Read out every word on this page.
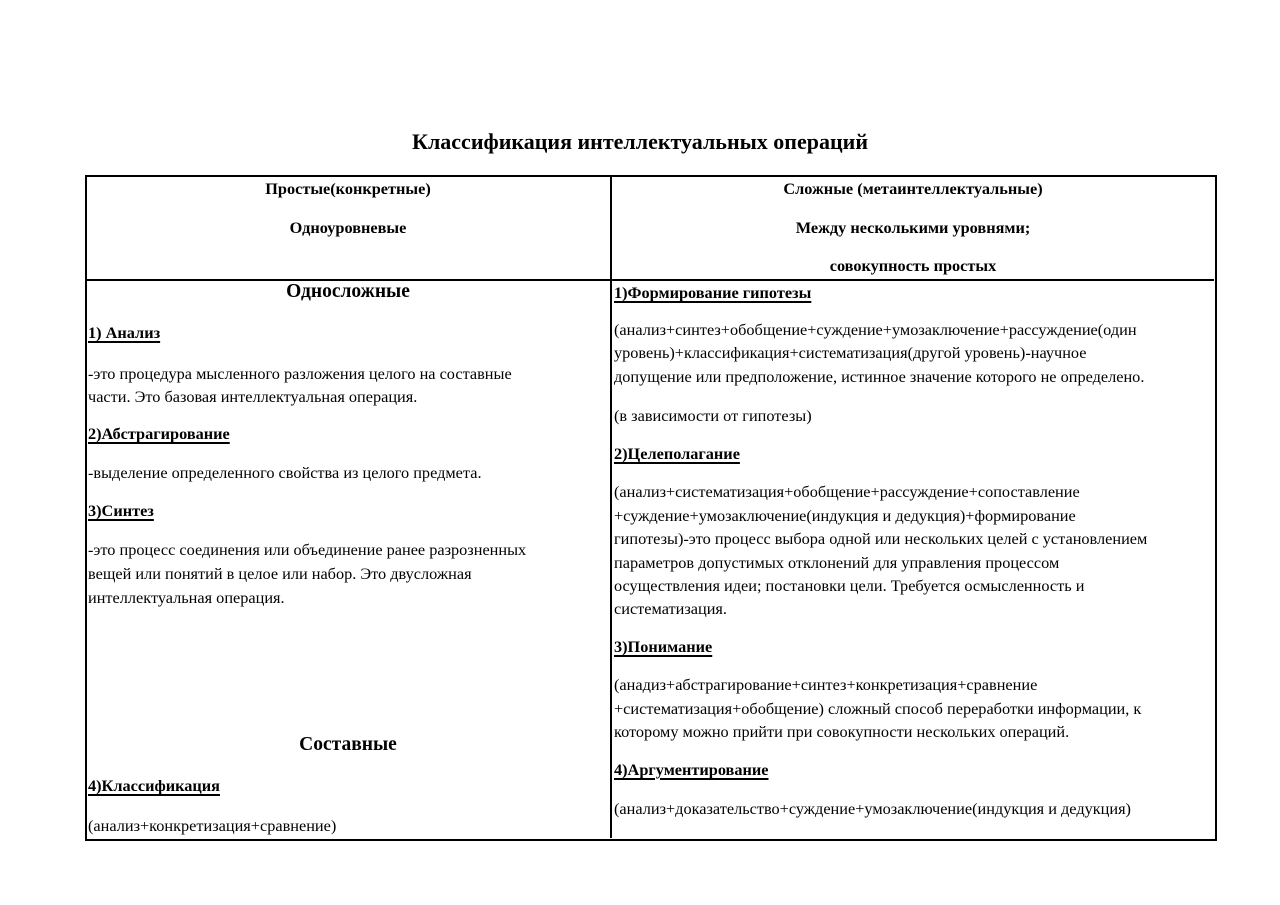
Классификация интеллектуальных операций
Простые(конкретные)
Одноуровневые
Сложные (метаинтеллектуальные)
Между несколькими уровнями;
совокупность простых
Односложные
1) Анализ
-это процедура мысленного разложения целого на составные
части. Это базовая интеллектуальная операция.
2)Абстрагирование
-выделение определенного свойства из целого предмета.
3)Синтез
-это процесс соединения или объединение ранее разрозненных
вещей или понятий в целое или набор. Это двусложная
интеллектуальная операция.
Составные
4)Классификация
(анализ+конкретизация+сравнение)
1)Формирование гипотезы
(анализ+синтез+обобщение+суждение+умозаключение+рассуждение(один
уровень)+классификация+систематизация(другой уровень)-научное
допущение или предположение, истинное значение которого не определено.
(в зависимости от гипотезы)
2)Целеполагание
(анализ+систематизация+обобщение+рассуждение+сопоставление
+суждение+умозаключение(индукция и дедукция)+формирование
гипотезы)-это процесс выбора одной или нескольких целей с установлением
параметров допустимых отклонений для управления процессом
осуществления идеи; постановки цели. Требуется осмысленность и
систематизация.
3)Понимание
(анадиз+абстрагирование+синтез+конкретизация+сравнение
+систематизация+обобщение) сложный способ переработки информации, к
которому можно прийти при совокупности нескольких операций.
4)Аргументирование
(анализ+доказательство+суждение+умозаключение(индукция и дедукция)
